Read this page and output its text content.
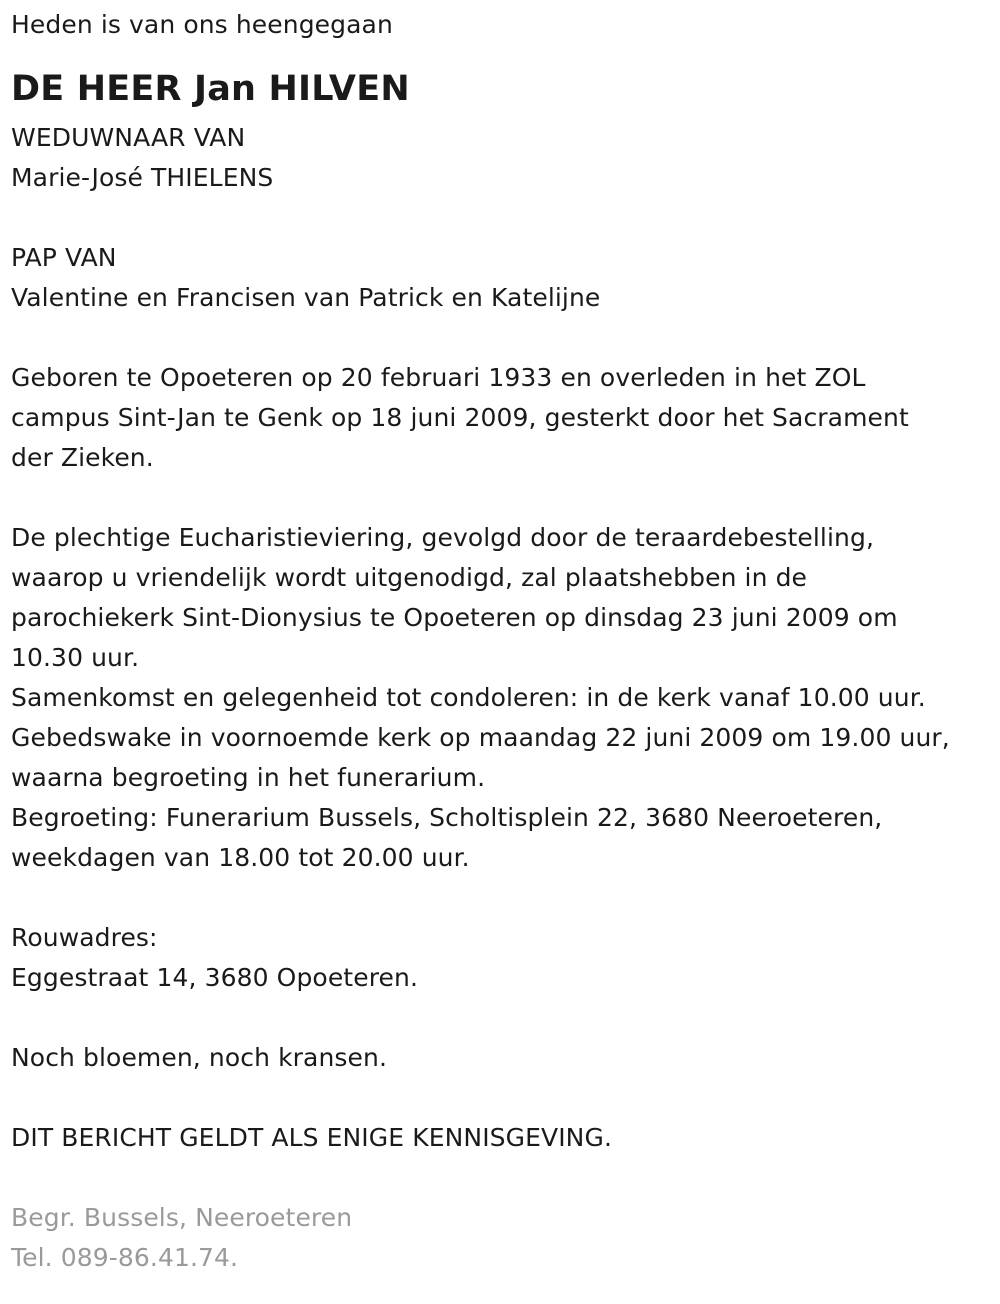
Heden is van ons heengegaan
DE HEER Jan HILVEN
WEDUWNAAR VAN
Marie-José THIELENS
PAP VAN
Valentine en Francisen van Patrick en Katelijne
Geboren te Opoeteren op 20 februari 1933 en overleden in het ZOL
campus Sint-Jan te Genk op 18 juni 2009, gesterkt door het Sacrament
der Zieken.
De plechtige Eucharistieviering, gevolgd door de teraardebestelling,
waarop u vriendelijk wordt uitgenodigd, zal plaatshebben in de
parochiekerk Sint-Dionysius te Opoeteren op dinsdag 23 juni 2009 om
10.30 uur.
Samenkomst en gelegenheid tot condoleren: in de kerk vanaf 10.00 uur.
Gebedswake in voornoemde kerk op maandag 22 juni 2009 om 19.00 uur,
waarna begroeting in het funerarium.
Begroeting: Funerarium Bussels, Scholtisplein 22, 3680 Neeroeteren,
weekdagen van 18.00 tot 20.00 uur.
Rouwadres:
Eggestraat 14, 3680 Opoeteren.
Noch bloemen, noch kransen.
DIT BERICHT GELDT ALS ENIGE KENNISGEVING.
Begr. Bussels, Neeroeteren
Tel. 089-86.41.74.
